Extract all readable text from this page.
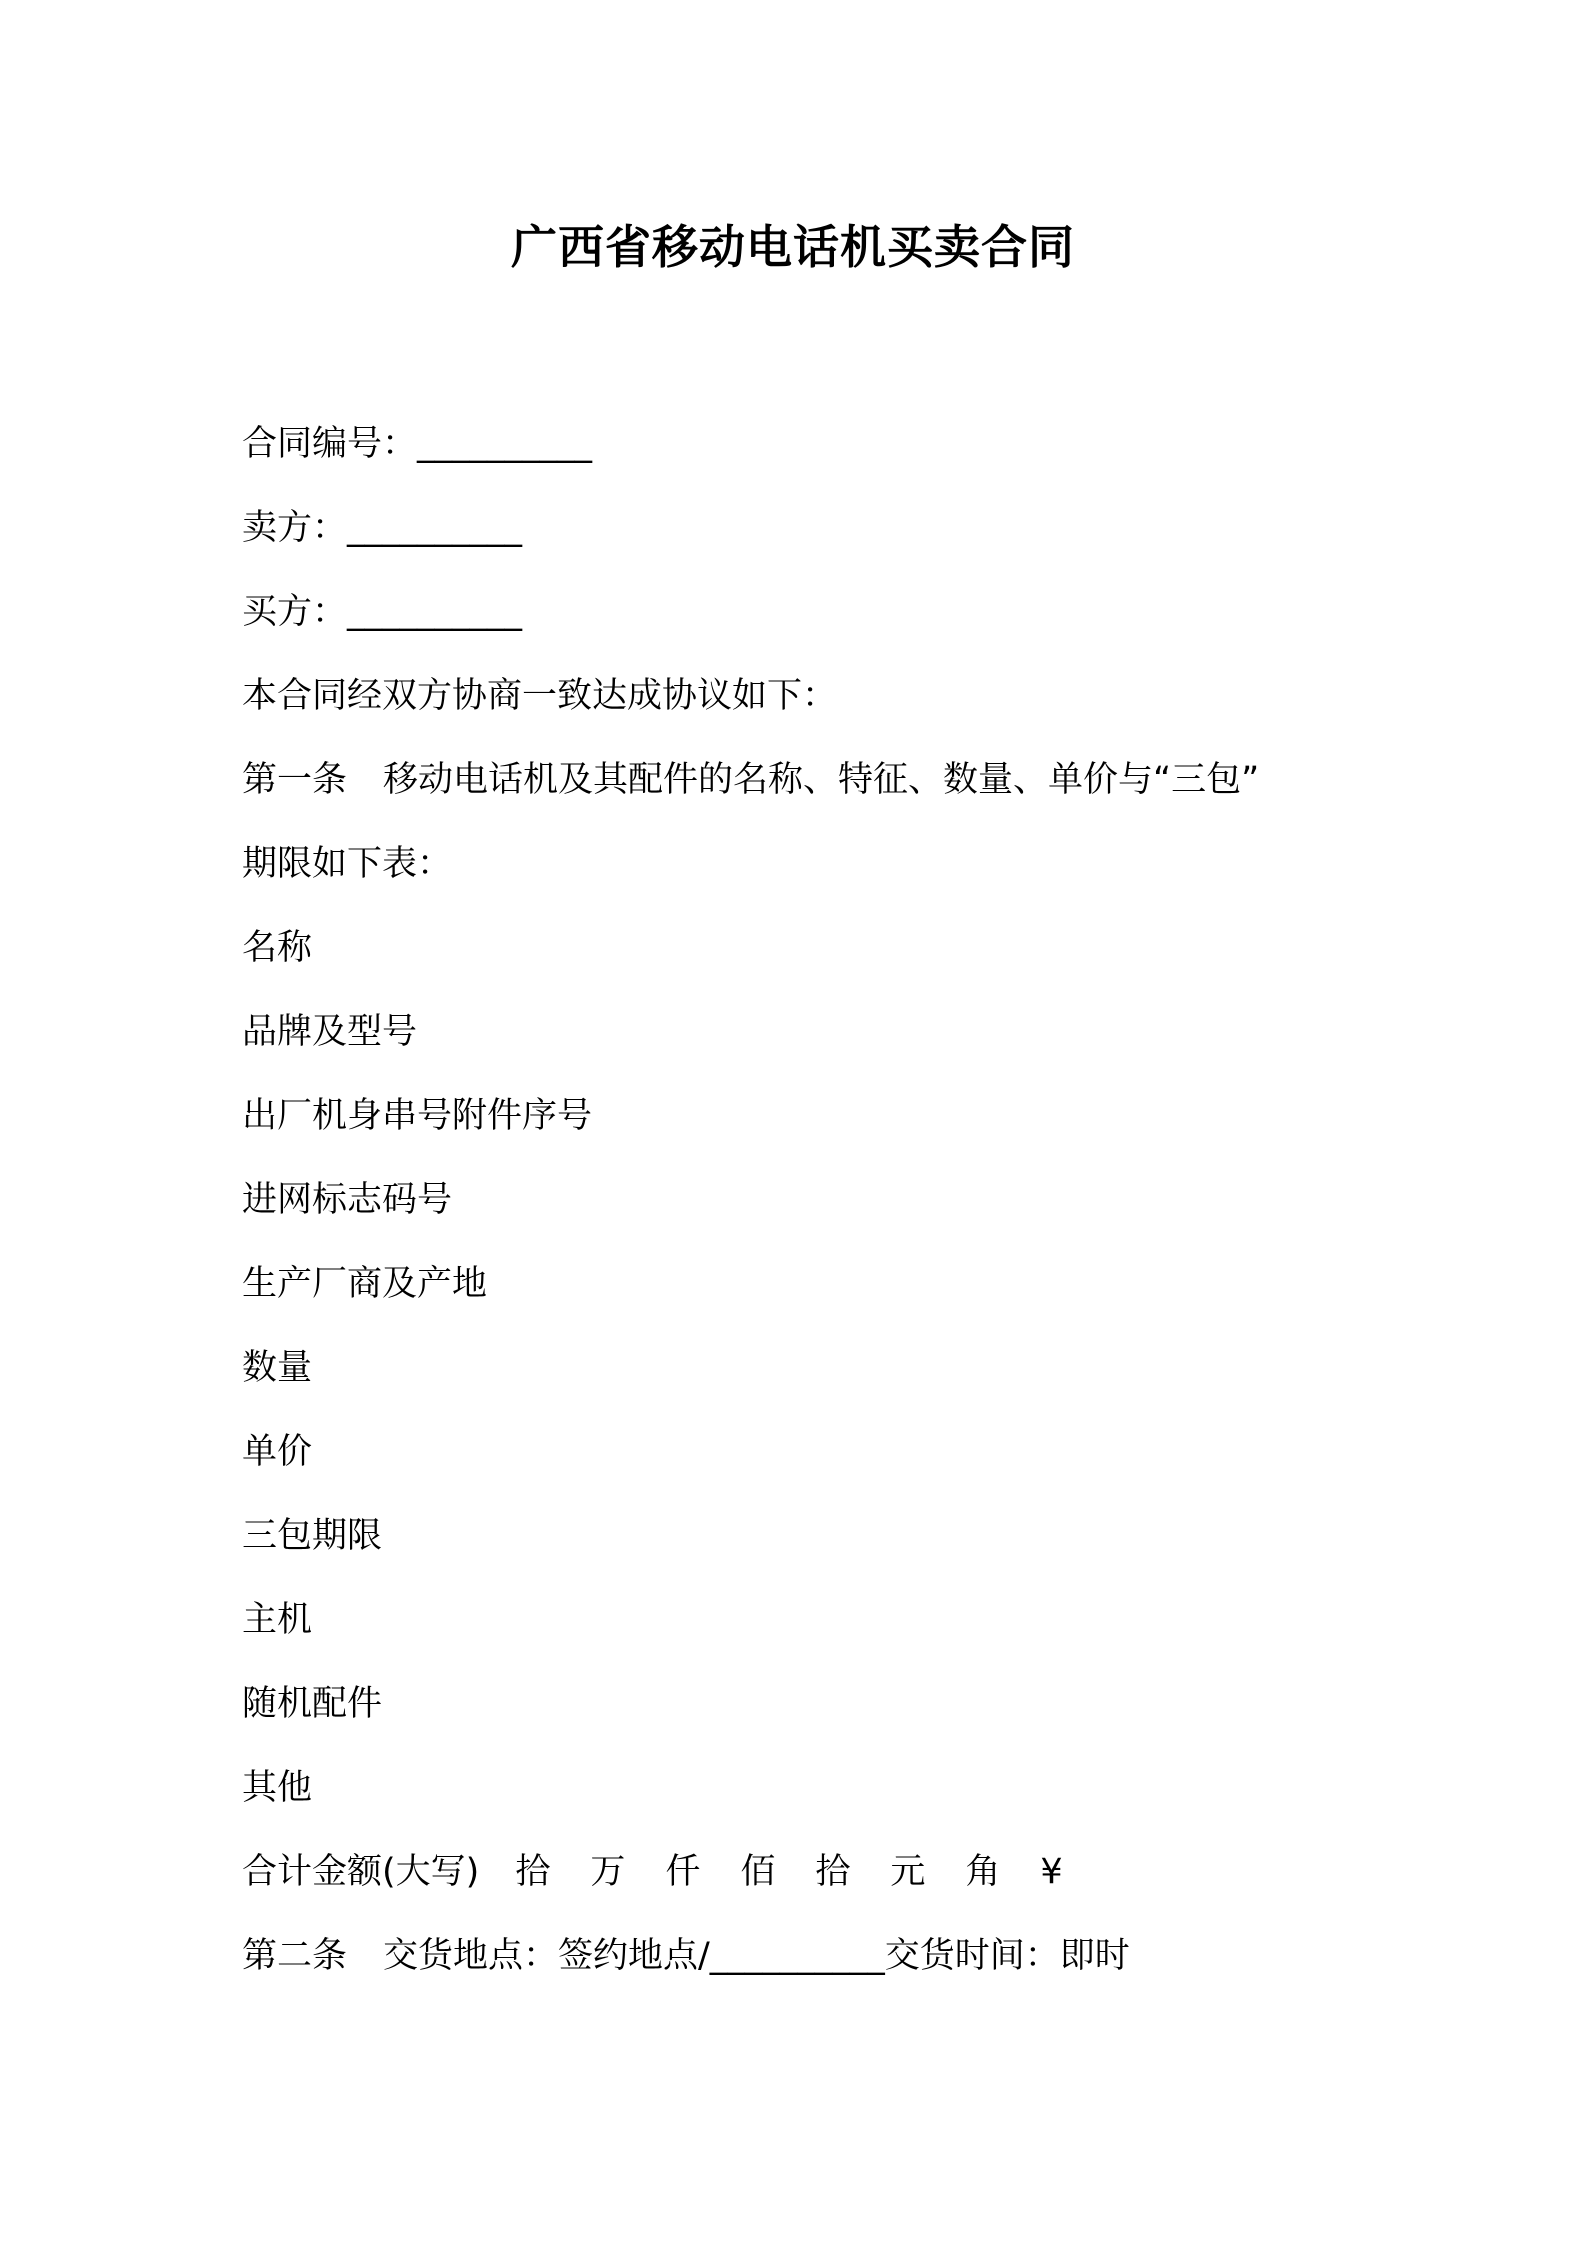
广西省移动电话机买卖合同
合同编号：__________
卖方：__________
买方：__________
本合同经双方协商一致达成协议如下：
第一条 移动电话机及其配件的名称、特征、数量、单价与“三包”
期限如下表：
名称
品牌及型号
出厂机身串号附件序号
进网标志码号
生产厂商及产地
数量
单价
三包期限
主机
随机配件
其他
合计金额(大写) 拾 万 仟 佰 拾 元 角 ¥
第二条 交货地点：签约地点/__________交货时间：即时
